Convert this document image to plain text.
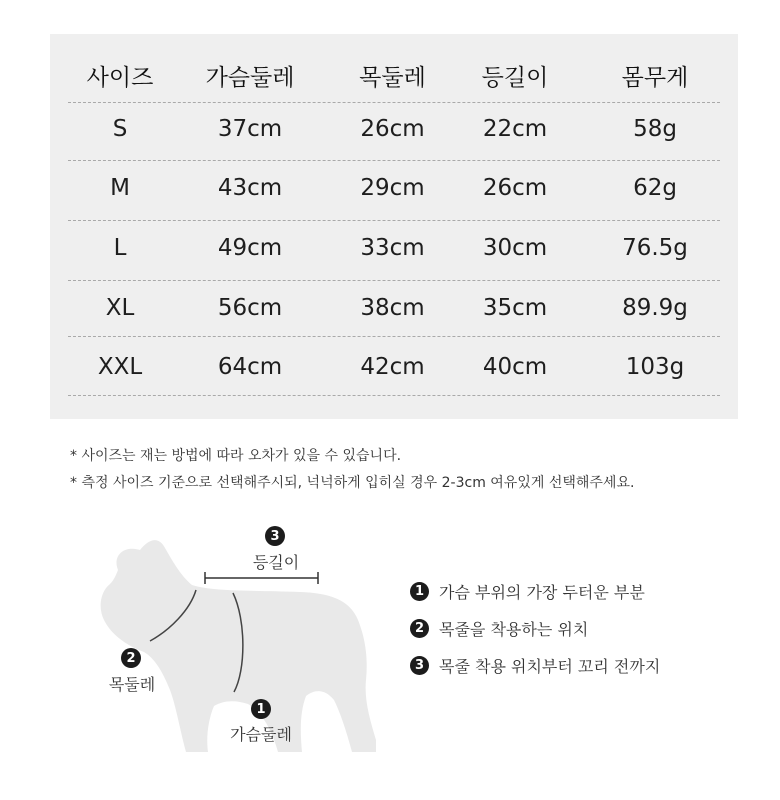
사이즈	가슴둘레	목둘레	등길이	몸무게
S	37cm	26cm	22cm	58g
M	43cm	29cm	26cm	62g
L	49cm	33cm	30cm	76.5g
XL	56cm	38cm	35cm	89.9g
XXL	64cm	42cm	40cm	103g
* 사이즈는 재는 방법에 따라 오차가 있을 수 있습니다.
* 측정 사이즈 기준으로 선택해주시되, 넉넉하게 입히실 경우 2-3cm 여유있게 선택해주세요.
3
등길이
2
목둘레
1
가슴둘레
1 가슴 부위의 가장 두터운 부분
2 목줄을 착용하는 위치
3 목줄 착용 위치부터 꼬리 전까지
